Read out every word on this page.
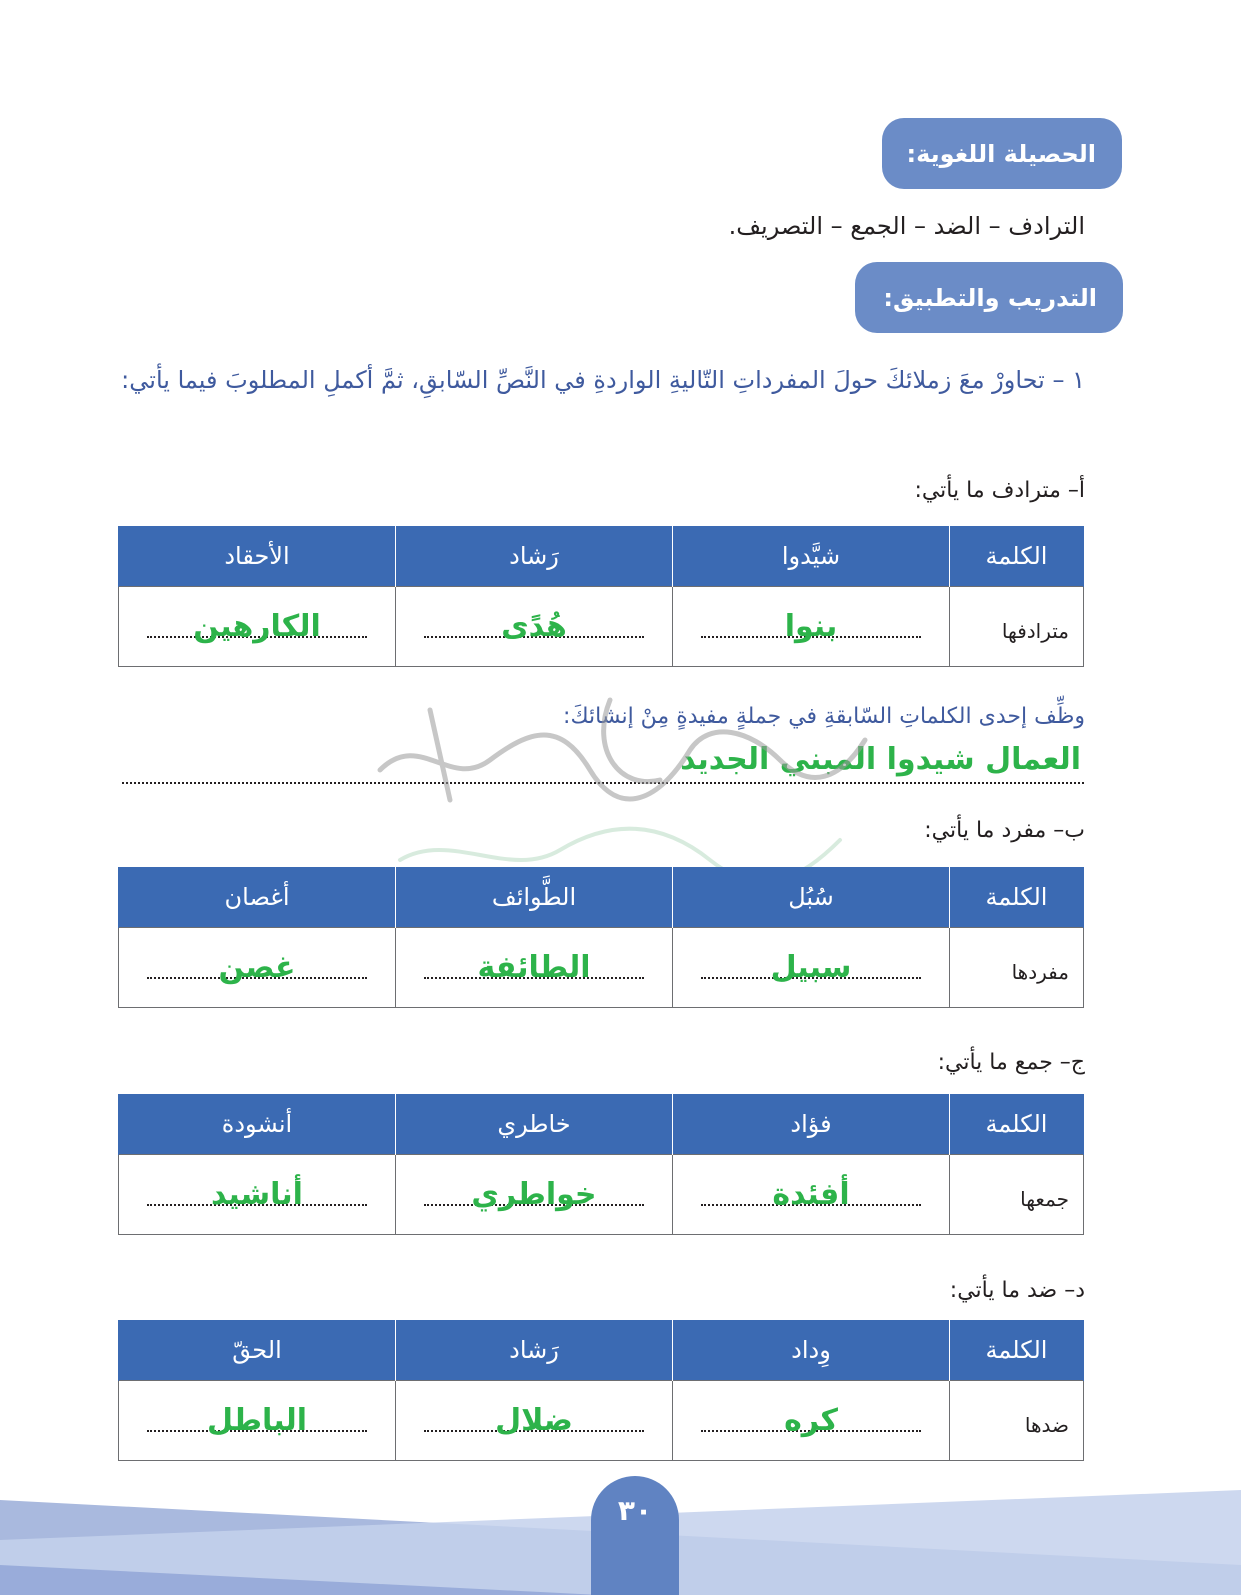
الحصيلة اللغوية:
الترادف – الضد – الجمع – التصريف.
التدريب والتطبيق:
١ – تحاورْ معَ زملائكَ حولَ المفرداتِ التّاليةِ الواردةِ في النَّصِّ السّابقِ، ثمَّ أكملِ المطلوبَ فيما يأتي:
أ– مترادف ما يأتي:
الكلمة	شيَّدوا	رَشاد	الأحقاد
مترادفها	بنوا	هُدًى	الكارهين
وظِّف إحدى الكلماتِ السّابقةِ في جملةٍ مفيدةٍ مِنْ إنشائكَ:
العمال شيدوا المبني الجديد
ب– مفرد ما يأتي:
الكلمة	سُبُل	الطَّوائف	أغصان
مفردها	سبيل	الطائفة	غصن
ج– جمع ما يأتي:
الكلمة	فؤاد	خاطري	أنشودة
جمعها	أفئدة	خواطري	أناشيد
د– ضد ما يأتي:
الكلمة	وِداد	رَشاد	الحقّ
ضدها	كره	ضلال	الباطل
٣٠
